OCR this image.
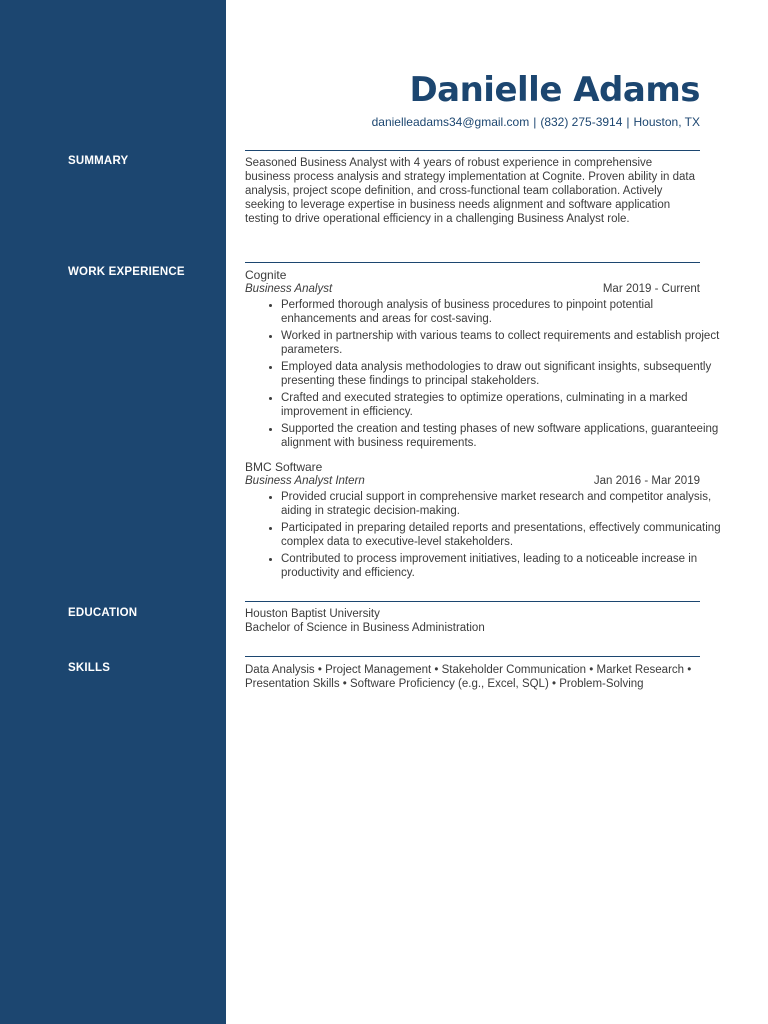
SUMMARY
WORK EXPERIENCE
EDUCATION
SKILLS
Danielle Adams
danielleadams34@gmail.com | (832) 275-3914 | Houston, TX

Seasoned Business Analyst with 4 years of robust experience in comprehensive business process analysis and strategy implementation at Cognite. Proven ability in data analysis, project scope definition, and cross-functional team collaboration. Actively seeking to leverage expertise in business needs alignment and software application testing to drive operational efficiency in a challenging Business Analyst role.

Cognite
Business Analyst	Mar 2019 - Current
• Performed thorough analysis of business procedures to pinpoint potential enhancements and areas for cost-saving.
• Worked in partnership with various teams to collect requirements and establish project parameters.
• Employed data analysis methodologies to draw out significant insights, subsequently presenting these findings to principal stakeholders.
• Crafted and executed strategies to optimize operations, culminating in a marked improvement in efficiency.
• Supported the creation and testing phases of new software applications, guaranteeing alignment with business requirements.
BMC Software
Business Analyst Intern	Jan 2016 - Mar 2019
• Provided crucial support in comprehensive market research and competitor analysis, aiding in strategic decision-making.
• Participated in preparing detailed reports and presentations, effectively communicating complex data to executive-level stakeholders.
• Contributed to process improvement initiatives, leading to a noticeable increase in productivity and efficiency.
Houston Baptist University
Bachelor of Science in Business Administration

Data Analysis • Project Management • Stakeholder Communication • Market Research • Presentation Skills • Software Proficiency (e.g., Excel, SQL) • Problem-Solving
